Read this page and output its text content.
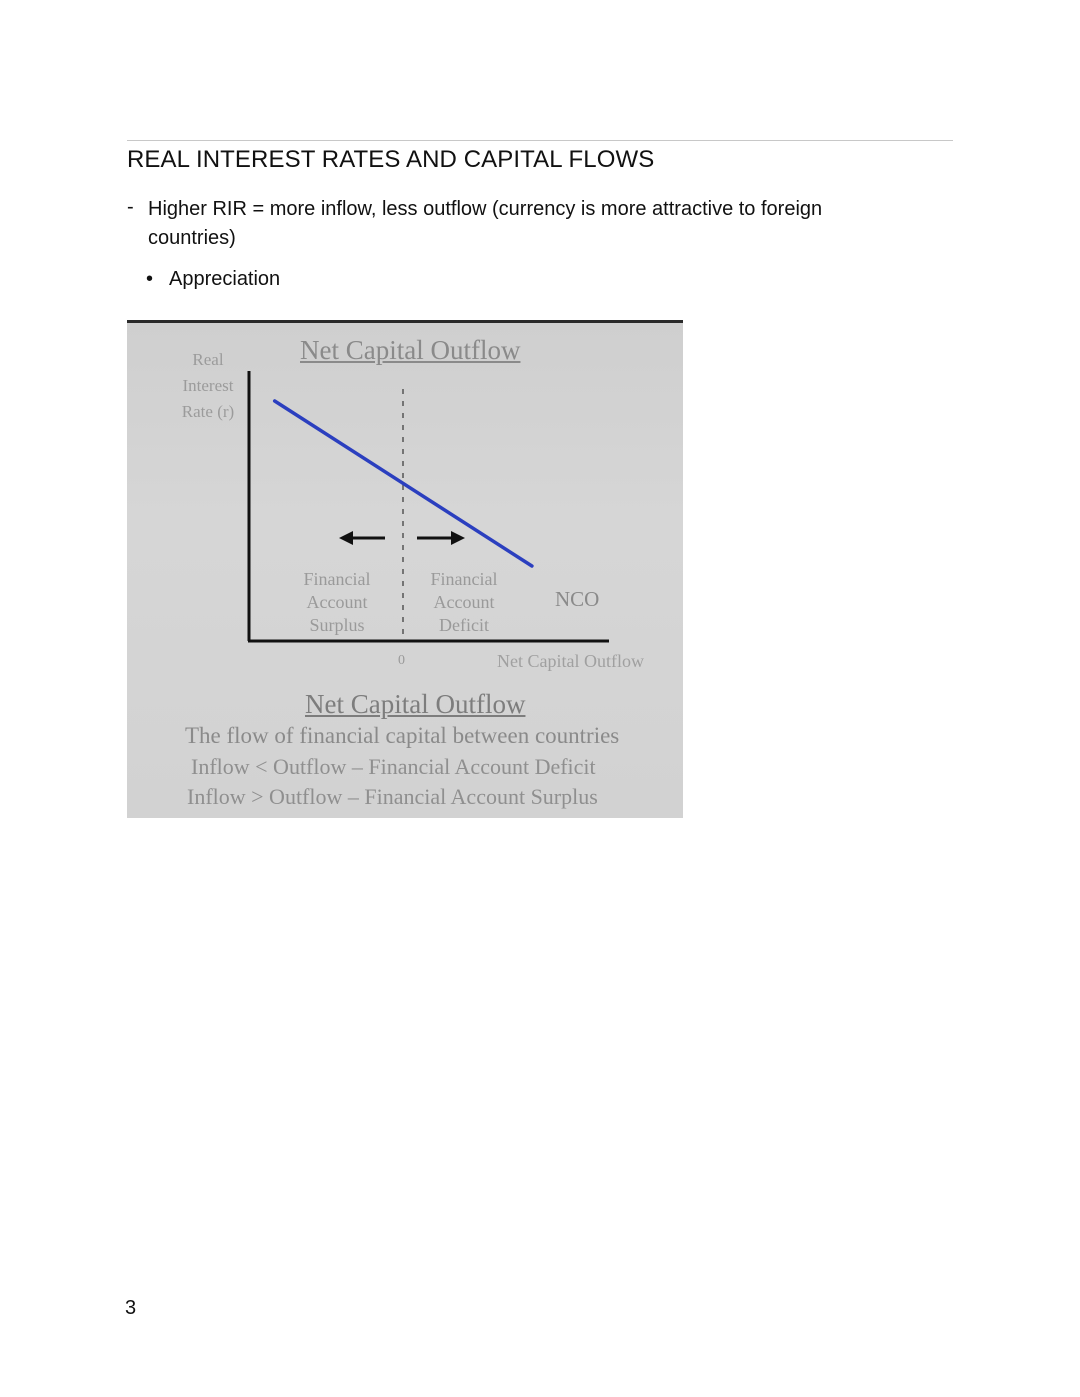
REAL INTEREST RATES AND CAPITAL FLOWS
- Higher RIR = more inflow, less outflow (currency is more attractive to foreign countries)
• Appreciation
Real
Interest
Rate (r)
Net Capital Outflow
Financial
Account
Surplus
Financial
Account
Deficit
NCO
0	Net Capital Outflow
Net Capital Outflow
The flow of financial capital between countries
Inflow < Outflow – Financial Account Deficit
Inflow > Outflow – Financial Account Surplus
3
